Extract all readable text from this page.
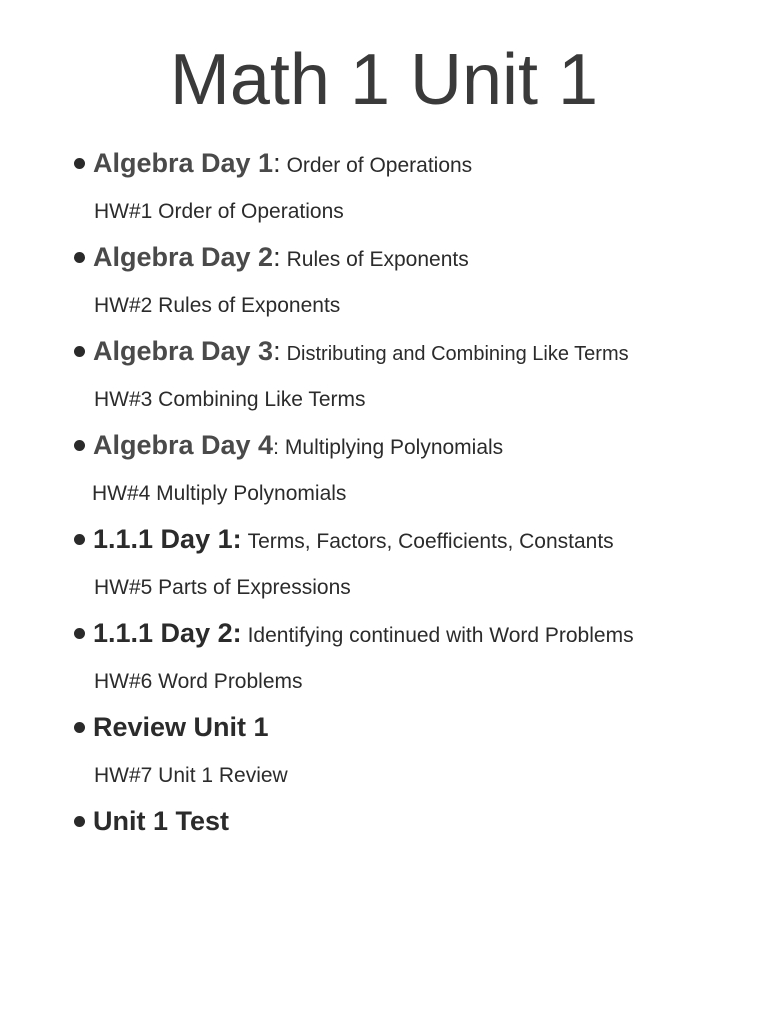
Math 1 Unit 1
Algebra Day 1 : Order of Operations
HW#1 Order of Operations
Algebra Day 2 : Rules of Exponents
HW#2 Rules of Exponents
Algebra Day 3 : Distributing and Combining Like Terms
HW#3 Combining Like Terms
Algebra Day 4 : Multiplying Polynomials
HW#4 Multiply Polynomials
1.1.1 Day 1: Terms, Factors, Coefficients, Constants
HW#5 Parts of Expressions
1.1.1 Day 2: Identifying continued with Word Problems
HW#6 Word Problems
Review Unit 1
HW#7 Unit 1 Review
Unit 1 Test
